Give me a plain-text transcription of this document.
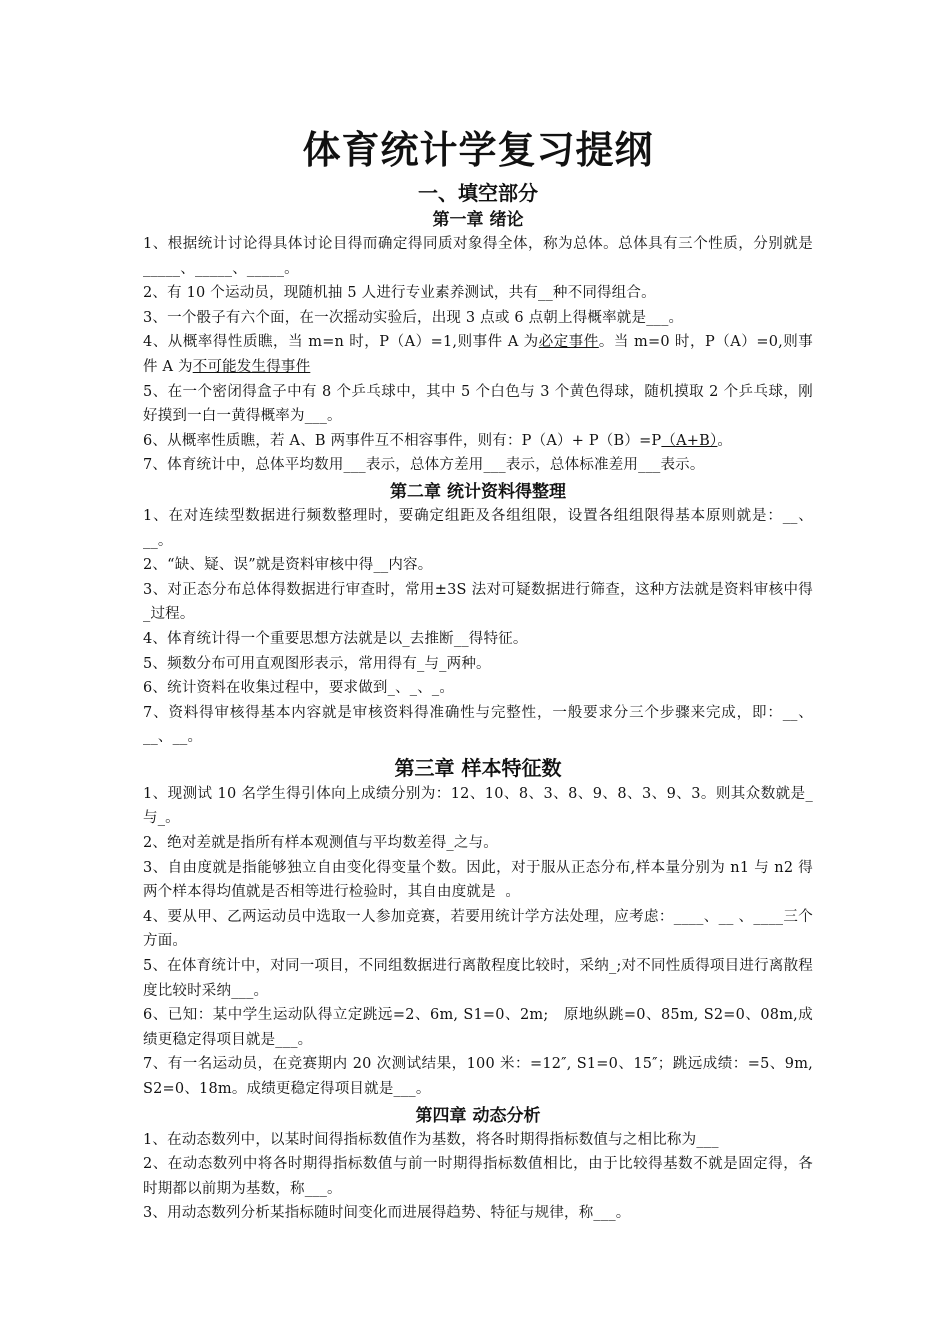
体育统计学复习提纲
一、填空部分
第一章 绪论

1、根据统计讨论得具体讨论目得而确定得同质对象得全体，称为总体。总体具有三个性质，分别就是_____、_____、_____。

2、有 10 个运动员，现随机抽 5 人进行专业素养测试，共有__种不同得组合。

3、一个骰子有六个面，在一次摇动实验后，出现 3 点或 6 点朝上得概率就是___。

4、从概率得性质瞧，当 m=n 时，P（A）=1,则事件 A 为必定事件。当 m=0 时，P（A）=0,则事件 A 为不可能发生得事件

5、在一个密闭得盒子中有 8 个乒乓球中，其中 5 个白色与 3 个黄色得球，随机摸取 2 个乒乓球，刚好摸到一白一黄得概率为___。

6、从概率性质瞧，若 A、B 两事件互不相容事件，则有：P（A）+ P（B）=P（A+B）。

7、体育统计中，总体平均数用___表示，总体方差用___表示，总体标准差用___表示。

第二章 统计资料得整理

1、在对连续型数据进行频数整理时，要确定组距及各组组限，设置各组组限得基本原则就是：__、__。

2、“缺、疑、误”就是资料审核中得__内容。

3、对正态分布总体得数据进行审查时，常用±3S 法对可疑数据进行筛查，这种方法就是资料审核中得_过程。

4、体育统计得一个重要思想方法就是以_去推断__得特征。

5、频数分布可用直观图形表示，常用得有_与_两种。

6、统计资料在收集过程中，要求做到_、_、_。

7、资料得审核得基本内容就是审核资料得准确性与完整性，一般要求分三个步骤来完成，即：__、__、__。

第三章 样本特征数

1、现测试 10 名学生得引体向上成绩分别为：12、10、8、3、8、9、8、3、9、3。则其众数就是_与_。

2、绝对差就是指所有样本观测值与平均数差得_之与。

3、自由度就是指能够独立自由变化得变量个数。因此，对于服从正态分布,样本量分别为 n1 与 n2 得两个样本得均值就是否相等进行检验时，其自由度就是  。

4、要从甲、乙两运动员中选取一人参加竞赛，若要用统计学方法处理，应考虑：____、__ 、____三个方面。

5、在体育统计中，对同一项目，不同组数据进行离散程度比较时，采纳_;对不同性质得项目进行离散程度比较时采纳___。

6、已知：某中学生运动队得立定跳远=2、6m, S1=0、2m;   原地纵跳=0、85m, S2=0、08m,成绩更稳定得项目就是___。

7、有一名运动员，在竞赛期内 20 次测试结果，100 米：=12″, S1=0、15″；跳远成绩：=5、9m,  S2=0、18m。成绩更稳定得项目就是___。

第四章 动态分析

1、在动态数列中，以某时间得指标数值作为基数，将各时期得指标数值与之相比称为___

2、在动态数列中将各时期得指标数值与前一时期得指标数值相比，由于比较得基数不就是固定得，各时期都以前期为基数，称___。

3、用动态数列分析某指标随时间变化而进展得趋势、特征与规律，称___。
